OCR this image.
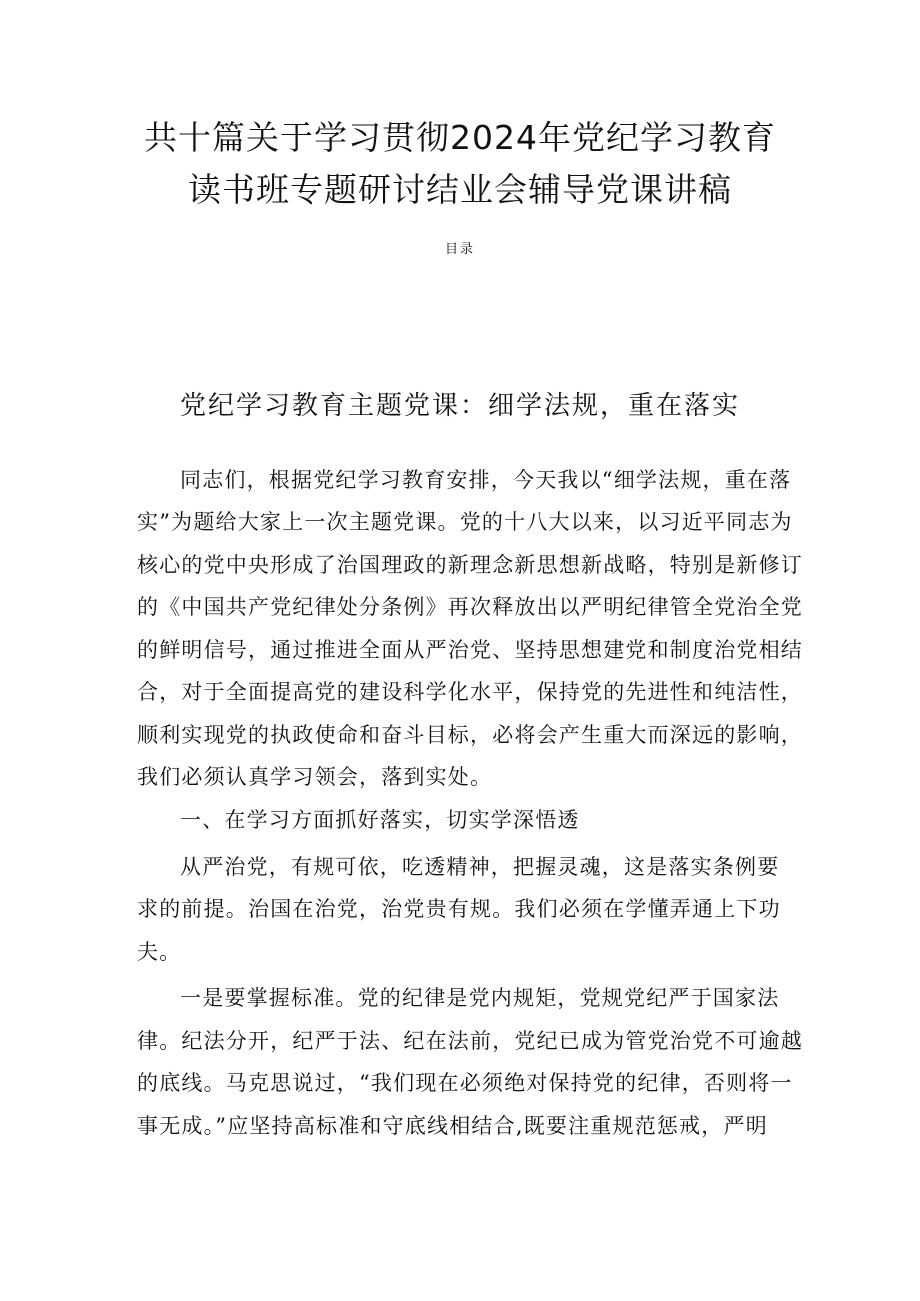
共十篇关于学习贯彻2024年党纪学习教育
读书班专题研讨结业会辅导党课讲稿
目录
党纪学习教育主题党课：细学法规，重在落实
同志们，根据党纪学习教育安排，今天我以“细学法规，重在落
实”为题给大家上一次主题党课。党的十八大以来，以习近平同志为
核心的党中央形成了治国理政的新理念新思想新战略，特别是新修订
的《中国共产党纪律处分条例》再次释放出以严明纪律管全党治全党
的鲜明信号，通过推进全面从严治党、坚持思想建党和制度治党相结
合，对于全面提高党的建设科学化水平，保持党的先进性和纯洁性，
顺利实现党的执政使命和奋斗目标，必将会产生重大而深远的影响，
我们必须认真学习领会，落到实处。
一、在学习方面抓好落实，切实学深悟透
从严治党，有规可依，吃透精神，把握灵魂，这是落实条例要
求的前提。治国在治党，治党贵有规。我们必须在学懂弄通上下功
夫。
一是要掌握标准。党的纪律是党内规矩，党规党纪严于国家法
律。纪法分开，纪严于法、纪在法前，党纪已成为管党治党不可逾越
的底线。马克思说过，“我们现在必须绝对保持党的纪律，否则将一
事无成。”应坚持高标准和守底线相结合,既要注重规范惩戒，严明
